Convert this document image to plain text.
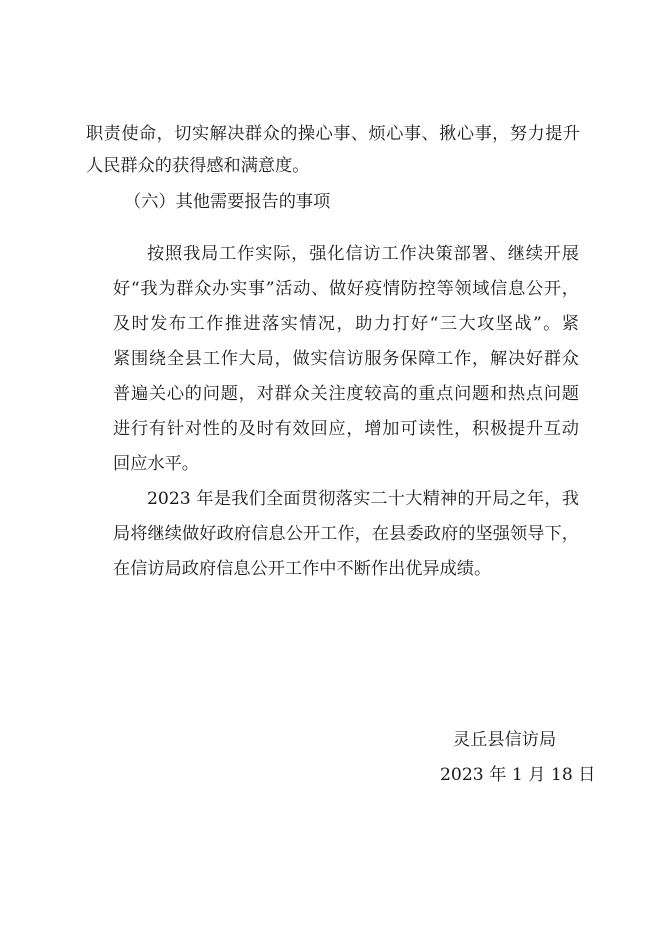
职责使命，切实解决群众的操心事、烦心事、揪心事，努力提升

人民群众的获得感和满意度。

（六）其他需要报告的事项

按照我局工作实际，强化信访工作决策部署、继续开展

好“我为群众办实事”活动、做好疫情防控等领域信息公开，

及时发布工作推进落实情况，助力打好“三大攻坚战”。紧

紧围绕全县工作大局，做实信访服务保障工作，解决好群众

普遍关心的问题，对群众关注度较高的重点问题和热点问题

进行有针对性的及时有效回应，增加可读性，积极提升互动

回应水平。

2023 年是我们全面贯彻落实二十大精神的开局之年，我

局将继续做好政府信息公开工作，在县委政府的坚强领导下，

在信访局政府信息公开工作中不断作出优异成绩。

灵丘县信访局
2023 年 1 月 18 日
